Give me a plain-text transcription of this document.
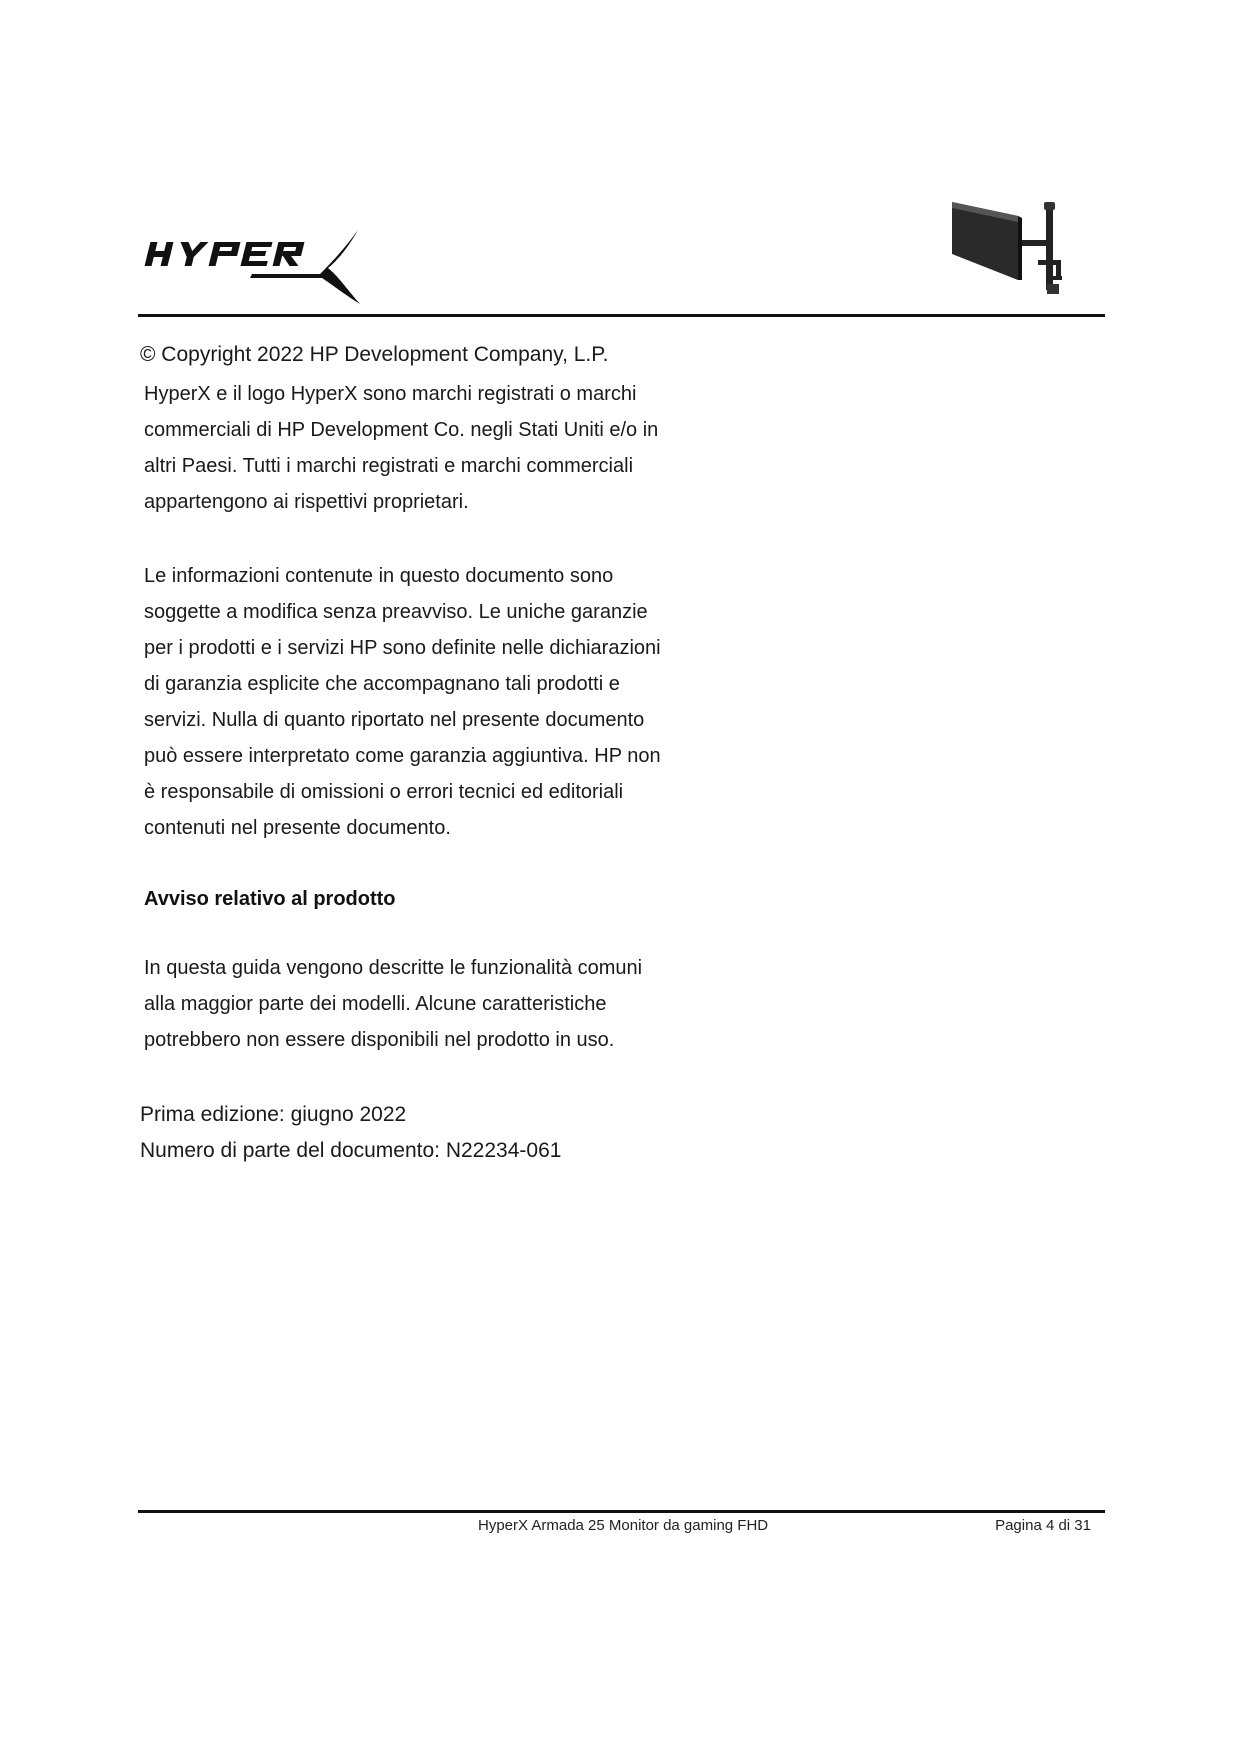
© Copyright 2022 HP Development Company, L.P.

HyperX e il logo HyperX sono marchi registrati o marchi

commerciali di HP Development Co. negli Stati Uniti e/o in

altri Paesi. Tutti i marchi registrati e marchi commerciali

appartengono ai rispettivi proprietari.

Le informazioni contenute in questo documento sono

soggette a modifica senza preavviso. Le uniche garanzie

per i prodotti e i servizi HP sono definite nelle dichiarazioni

di garanzia esplicite che accompagnano tali prodotti e

servizi. Nulla di quanto riportato nel presente documento

può essere interpretato come garanzia aggiuntiva. HP non

è responsabile di omissioni o errori tecnici ed editoriali

contenuti nel presente documento.

Avviso relativo al prodotto

In questa guida vengono descritte le funzionalità comuni

alla maggior parte dei modelli. Alcune caratteristiche

potrebbero non essere disponibili nel prodotto in uso.

Prima edizione: giugno 2022

Numero di parte del documento: N22234-061

HyperX Armada 25 Monitor da gaming FHD	Pagina 4 di 31
